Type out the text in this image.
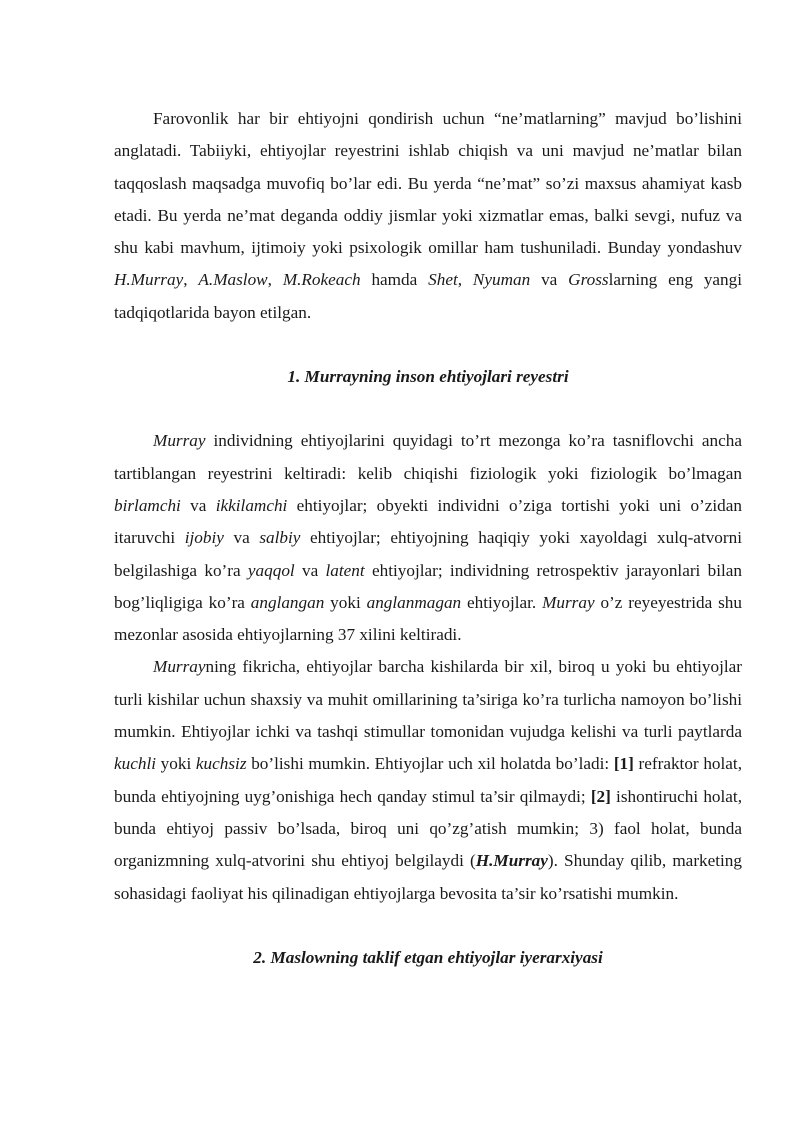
Farovonlik har bir ehtiyojni qondirish uchun “ne’matlarning” mavjud bo’lishini anglatadi. Tabiiyki, ehtiyojlar reyestrini ishlab chiqish va uni mavjud ne’matlar bilan taqqoslash maqsadga muvofiq bo’lar edi. Bu yerda “ne’mat” so’zi maxsus ahamiyat kasb etadi. Bu yerda ne’mat deganda oddiy jismlar yoki xizmatlar emas, balki sevgi, nufuz va shu kabi mavhum, ijtimoiy yoki psixologik omillar ham tushuniladi. Bunday yondashuv H.Murray, A.Maslow, M.Rokeach hamda Shet, Nyuman va Grosslarning eng yangi tadqiqotlarida bayon etilgan.

1. Murrayning inson ehtiyojlari reyestri

Murray individning ehtiyojlarini quyidagi to’rt mezonga ko’ra tasniflovchi ancha tartiblangan reyestrini keltiradi: kelib chiqishi fiziologik yoki fiziologik bo’lmagan birlamchi va ikkilamchi ehtiyojlar; obyekti individni o’ziga tortishi yoki uni o’zidan itaruvchi ijobiy va salbiy ehtiyojlar; ehtiyojning haqiqiy yoki xayoldagi xulq-atvorni belgilashiga ko’ra yaqqol va latent ehtiyojlar; individning retrospektiv jarayonlari bilan bog’liqligiga ko’ra anglangan yoki anglanmagan ehtiyojlar. Murray o’z reyeyestrida shu mezonlar asosida ehtiyojlarning 37 xilini keltiradi.

Murrayning fikricha, ehtiyojlar barcha kishilarda bir xil, biroq u yoki bu ehtiyojlar turli kishilar uchun shaxsiy va muhit omillarining ta’siriga ko’ra turlicha namoyon bo’lishi mumkin. Ehtiyojlar ichki va tashqi stimullar tomonidan vujudga kelishi va turli paytlarda kuchli yoki kuchsiz bo’lishi mumkin. Ehtiyojlar uch xil holatda bo’ladi: [1] refraktor holat, bunda ehtiyojning uyg’onishiga hech qanday stimul ta’sir qilmaydi; [2] ishontiruchi holat, bunda ehtiyoj passiv bo’lsada, biroq uni qo’zg’atish mumkin; 3) faol holat, bunda organizmning xulq-atvorini shu ehtiyoj belgilaydi (H.Murray). Shunday qilib, marketing sohasidagi faoliyat his qilinadigan ehtiyojlarga bevosita ta’sir ko’rsatishi mumkin.

2. Maslowning taklif etgan ehtiyojlar iyerarxiyasi
